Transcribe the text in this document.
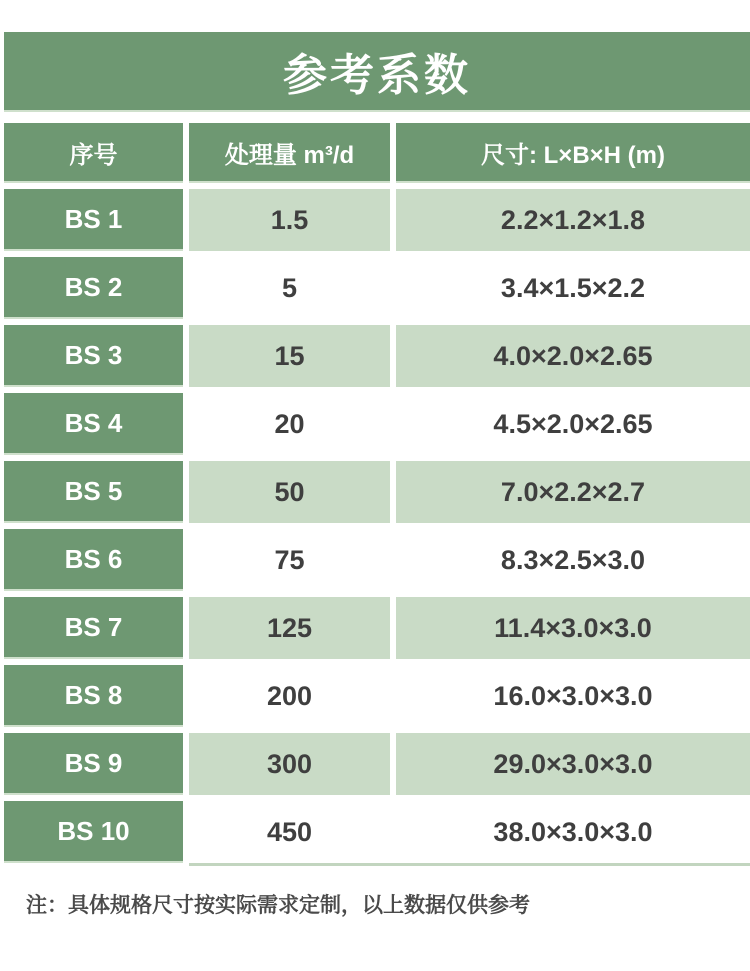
参考系数
序号	处理量 m³/d	尺寸: L×B×H (m)
BS 1	1.5	2.2×1.2×1.8
BS 2	5	3.4×1.5×2.2
BS 3	15	4.0×2.0×2.65
BS 4	20	4.5×2.0×2.65
BS 5	50	7.0×2.2×2.7
BS 6	75	8.3×2.5×3.0
BS 7	125	11.4×3.0×3.0
BS 8	200	16.0×3.0×3.0
BS 9	300	29.0×3.0×3.0
BS 10	450	38.0×3.0×3.0
注：具体规格尺寸按实际需求定制，以上数据仅供参考
